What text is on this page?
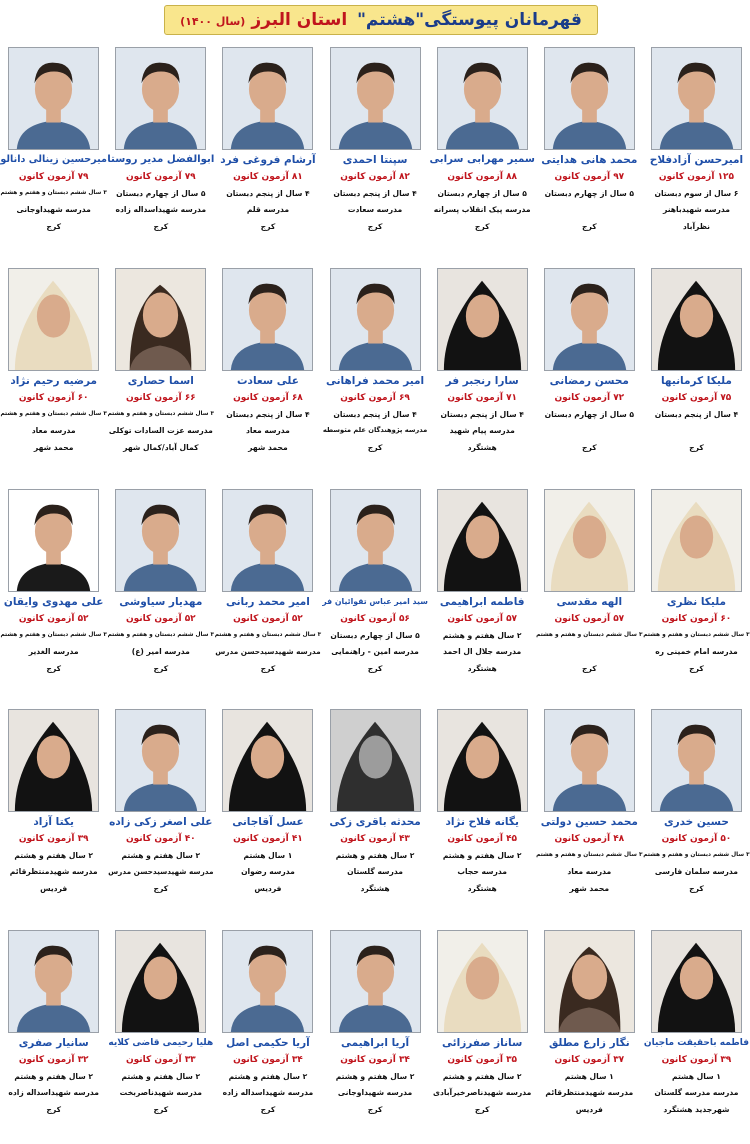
قهرمانان پیوستگی"هشتم" استان البرز(سال ۱۴۰۰)
امیرحسن آزادفلاح
۱۲۵ آزمون کانون
۶ سال از سوم دبستان
مدرسه شهیدباهنر
نظرآباد
محمد هانی هدایتی
۹۷ آزمون کانون
۵ سال از چهارم دبستان
کرج
سمیر مهرابی سرابی
۸۸ آزمون کانون
۵ سال از چهارم دبستان
مدرسه پیک انقلاب پسرانه
کرج
سپنتا احمدی
۸۲ آزمون کانون
۴ سال از پنجم دبستان
مدرسه سعادت
کرج
آرشام فروغی فرد
۸۱ آزمون کانون
۴ سال از پنجم دبستان
مدرسه قلم
کرج
ابوالفضل مدیر روستا
۷۹ آزمون کانون
۵ سال از چهارم دبستان
مدرسه شهیداسداله زاده
کرج
میرحسین زینالی دانالو
۷۹ آزمون کانون
۳ سال ششم دبستان و هفتم و هشتم
مدرسه شهیداوجانی
کرج
ملیکا کرمانیها
۷۵ آزمون کانون
۴ سال از پنجم دبستان
کرج
محسن رمضانی
۷۲ آزمون کانون
۵ سال از چهارم دبستان
کرج
سارا رنجبر فر
۷۱ آزمون کانون
۴ سال از پنجم دبستان
مدرسه پیام شهید
هشتگرد
امیر محمد فراهانی
۶۹ آزمون کانون
۴ سال از پنجم دبستان
مدرسه پژوهندگان علم متوسطه
کرج
علی سعادت
۶۸ آزمون کانون
۴ سال از پنجم دبستان
مدرسه معاد
محمد شهر
اسما حصاری
۶۶ آزمون کانون
۳ سال ششم دبستان و هفتم و هشتم
مدرسه عزت السادات توکلی
کمال آباد/کمال شهر
مرضیه رحیم نژاد
۶۰ آزمون کانون
۳ سال ششم دبستان و هفتم و هشتم
مدرسه معاد
محمد شهر
ملیکا نظری
۶۰ آزمون کانون
۳ سال ششم دبستان و هفتم و هشتم
مدرسه امام خمینی ره
کرج
الهه مقدسی
۵۷ آزمون کانون
۳ سال ششم دبستان و هفتم و هشتم
کرج
فاطمه ابراهیمی
۵۷ آزمون کانون
۲ سال هفتم و هشتم
مدرسه جلال ال احمد
هشتگرد
سید امیر عباس تقوائیان فر
۵۶ آزمون کانون
۵ سال از چهارم دبستان
مدرسه امین - راهنمایی
کرج
امیر محمد ربانی
۵۲ آزمون کانون
۳ سال ششم دبستان و هفتم و هشتم
مدرسه شهیدسیدحسن مدرس
کرج
مهدیار سیاوشی
۵۲ آزمون کانون
۳ سال ششم دبستان و هفتم و هشتم
مدرسه امیر (ع)
کرج
علی مهدوی وایقان
۵۲ آزمون کانون
۳ سال ششم دبستان و هفتم و هشتم
مدرسه الغدیر
کرج
حسین خدری
۵۰ آزمون کانون
۳ سال ششم دبستان و هفتم و هشتم
مدرسه سلمان فارسی
کرج
محمد حسین دولتی
۴۸ آزمون کانون
۳ سال ششم دبستان و هفتم و هشتم
مدرسه معاد
محمد شهر
یگانه فلاح نژاد
۴۵ آزمون کانون
۲ سال هفتم و هشتم
مدرسه حجاب
هشتگرد
محدثه باقری زکی
۴۳ آزمون کانون
۲ سال هفتم و هشتم
مدرسه گلستان
هشتگرد
عسل آقاجانی
۴۱ آزمون کانون
۱ سال هشتم
مدرسه رضوان
فردیس
علی اصغر زکی زاده
۴۰ آزمون کانون
۲ سال هفتم و هشتم
مدرسه شهیدسیدحسن مدرس
کرج
یکتا آزاد
۳۹ آزمون کانون
۲ سال هفتم و هشتم
مدرسه شهیدمنتظرقائم
فردیس
فاطمه باحقیقت ماجیان
۳۹ آزمون کانون
۱ سال هشتم
مدرسه مدرسه گلستان
شهرجدید هشتگرد
نگار زارع مطلق
۳۷ آزمون کانون
۱ سال هشتم
مدرسه شهیدمنتظرقائم
فردیس
ساناز صفرزائی
۳۵ آزمون کانون
۲ سال هفتم و هشتم
مدرسه شهیدناصرخیرآبادی
کرج
آریا ابراهیمی
۳۴ آزمون کانون
۲ سال هفتم و هشتم
مدرسه شهیداوجانی
کرج
آریا حکیمی اصل
۳۴ آزمون کانون
۲ سال هفتم و هشتم
مدرسه شهیداسداله زاده
کرج
هلیا رحیمی قاضی کلایه
۳۳ آزمون کانون
۲ سال هفتم و هشتم
مدرسه شهیدناصربخت
کرج
سانیار صفری
۳۲ آزمون کانون
۲ سال هفتم و هشتم
مدرسه شهیداسداله زاده
کرج
